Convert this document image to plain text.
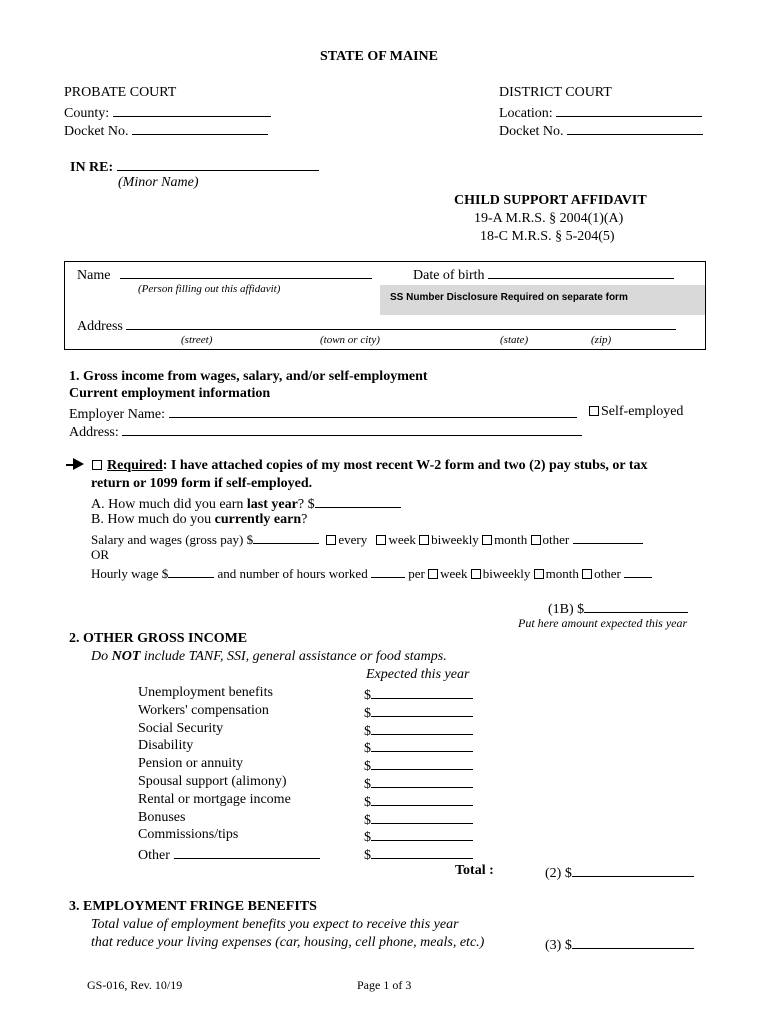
STATE OF MAINE
PROBATE COURT
County:
Docket No.
DISTRICT COURT
Location:
Docket No.
IN RE:
(Minor Name)
CHILD SUPPORT AFFIDAVIT
19-A M.R.S. § 2004(1)(A)
18-C M.R.S. § 5-204(5)
SS Number Disclosure Required on separate form
Name
(Person filling out this affidavit)
Date of birth
Address
(street)	(town or city)	(state)	(zip)
1. Gross income from wages, salary, and/or self-employment
Current employment information
Employer Name:	Self-employed
Address:
Required: I have attached copies of my most recent W-2 form and two (2) pay stubs, or tax
return or 1099 form if self-employed.
A. How much did you earn last year? $
B. How much do you currently earn?
Salary and wages (gross pay) $	every week biweekly month other
OR
Hourly wage $	and number of hours worked	per week biweekly month other
(1B) $
Put here amount expected this year
2. OTHER GROSS INCOME
Do NOT include TANF, SSI, general assistance or food stamps.
Expected this year
Unemployment benefits	$
Workers' compensation	$
Social Security	$
Disability	$
Pension or annuity	$
Spousal support (alimony)	$
Rental or mortgage income	$
Bonuses	$
Commissions/tips	$
Other	$
Total :	(2) $
3. EMPLOYMENT FRINGE BENEFITS
Total value of employment benefits you expect to receive this year
that reduce your living expenses (car, housing, cell phone, meals, etc.)	(3) $
GS-016, Rev. 10/19	Page 1 of 3
